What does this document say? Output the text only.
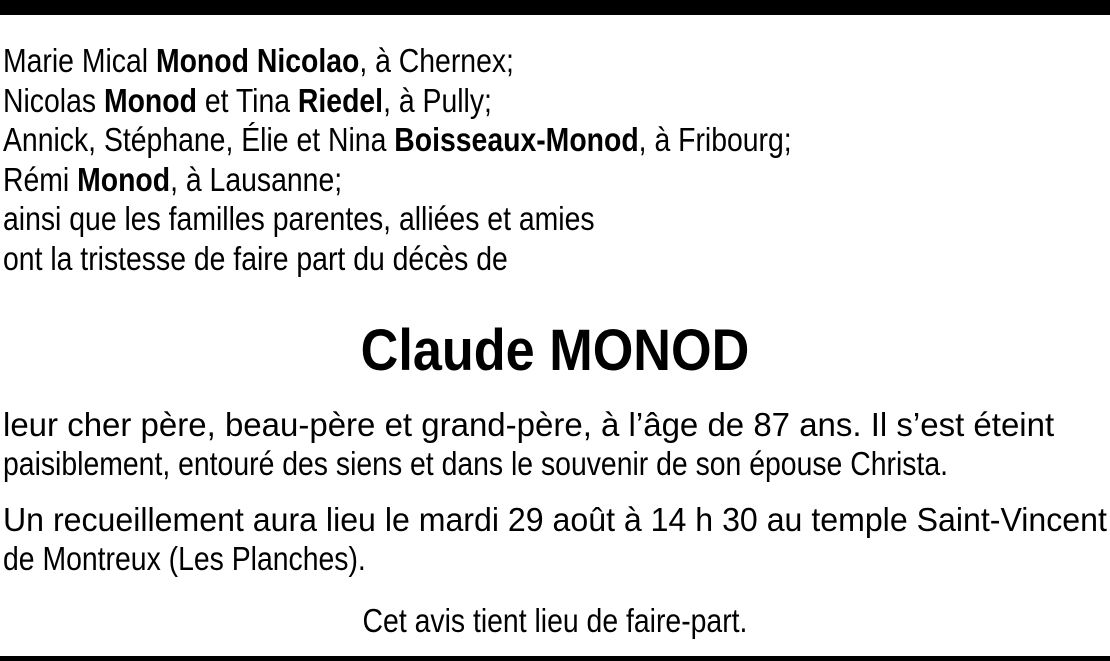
Marie Mical Monod Nicolao, à Chernex;
Nicolas Monod et Tina Riedel, à Pully;
Annick, Stéphane, Élie et Nina Boisseaux-Monod, à Fribourg;
Rémi Monod, à Lausanne;
ainsi que les familles parentes, alliées et amies
ont la tristesse de faire part du décès de
Claude MONOD
leur cher père, beau-père et grand-père, à l’âge de 87 ans. Il s’est éteint
paisiblement, entouré des siens et dans le souvenir de son épouse Christa.
Un recueillement aura lieu le mardi 29 août à 14 h 30 au temple Saint-Vincent
de Montreux (Les Planches).
Cet avis tient lieu de faire-part.
